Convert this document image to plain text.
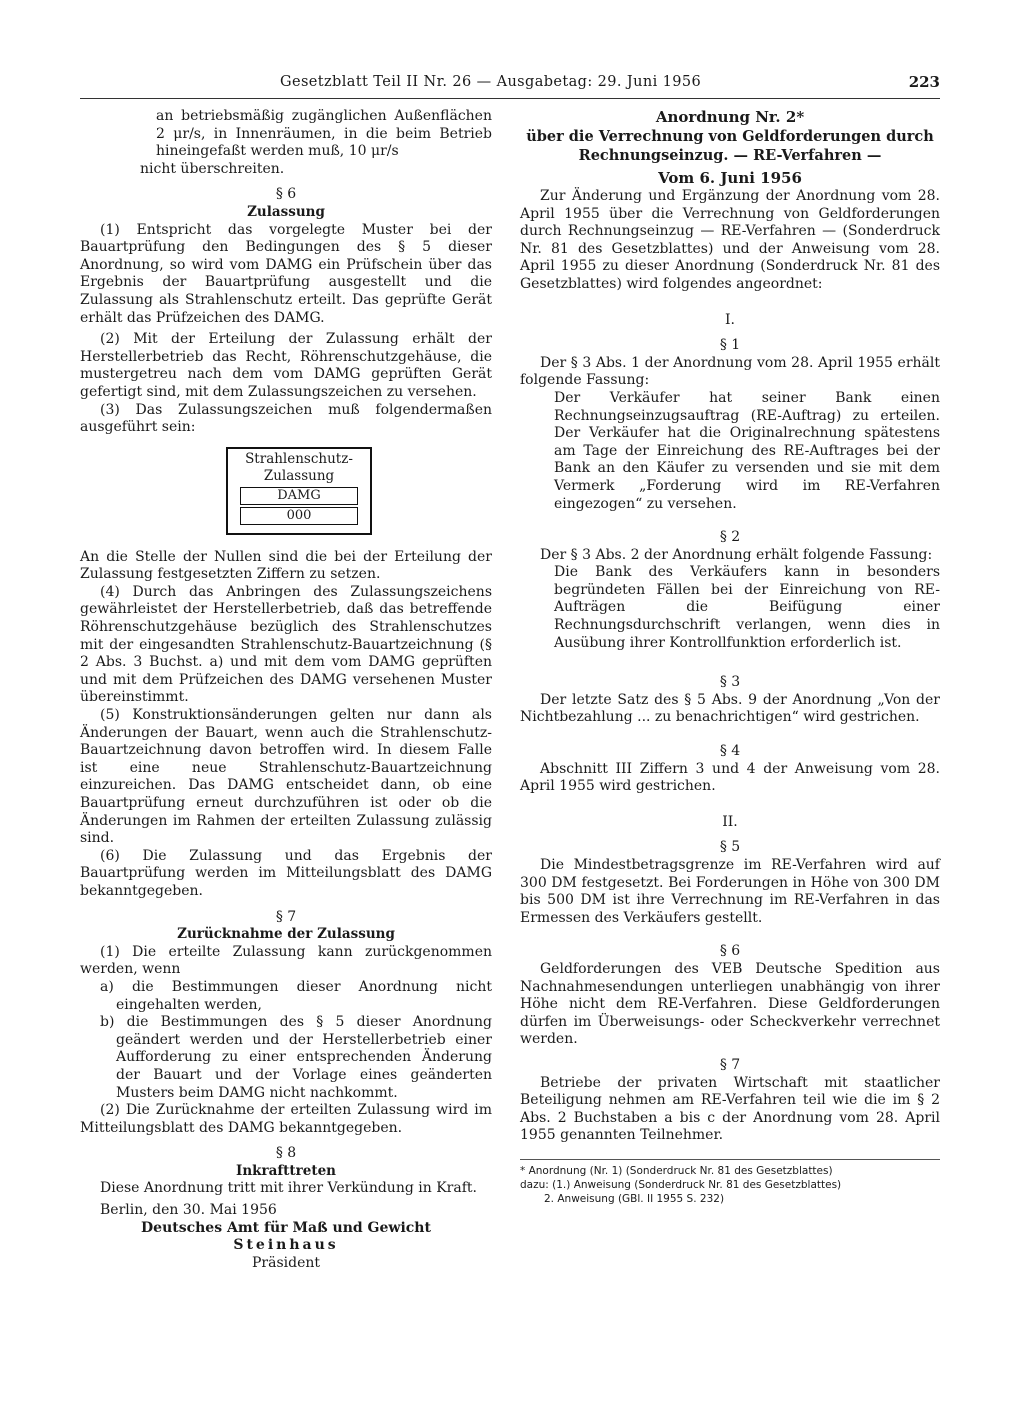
Gesetzblatt Teil II Nr. 26 — Ausgabetag: 29. Juni 1956	223

an betriebsmäßig zugänglichen Außenflächen 2 μr/s, in Innenräumen, in die beim Betrieb hineingefaßt werden muß, 10 μr/s

nicht überschreiten.

§ 6
Zulassung

(1) Entspricht das vorgelegte Muster bei der Bauartprüfung den Bedingungen des § 5 dieser Anordnung, so wird vom DAMG ein Prüfschein über das Ergebnis der Bauartprüfung ausgestellt und die Zulassung als Strahlenschutz erteilt. Das geprüfte Gerät erhält das Prüfzeichen des DAMG.

(2) Mit der Erteilung der Zulassung erhält der Herstellerbetrieb das Recht, Röhrenschutzgehäuse, die mustergetreu nach dem vom DAMG geprüften Gerät gefertigt sind, mit dem Zulassungszeichen zu versehen.

(3) Das Zulassungszeichen muß folgendermaßen ausgeführt sein:

Strahlenschutz-
Zulassung
DAMG
000

An die Stelle der Nullen sind die bei der Erteilung der Zulassung festgesetzten Ziffern zu setzen.

(4) Durch das Anbringen des Zulassungszeichens gewährleistet der Herstellerbetrieb, daß das betreffende Röhrenschutzgehäuse bezüglich des Strahlenschutzes mit der eingesandten Strahlenschutz-Bauartzeichnung (§ 2 Abs. 3 Buchst. a) und mit dem vom DAMG geprüften und mit dem Prüfzeichen des DAMG versehenen Muster übereinstimmt.

(5) Konstruktionsänderungen gelten nur dann als Änderungen der Bauart, wenn auch die Strahlenschutz-Bauartzeichnung davon betroffen wird. In diesem Falle ist eine neue Strahlenschutz-Bauartzeichnung einzureichen. Das DAMG entscheidet dann, ob eine Bauartprüfung erneut durchzuführen ist oder ob die Änderungen im Rahmen der erteilten Zulassung zulässig sind.

(6) Die Zulassung und das Ergebnis der Bauartprüfung werden im Mitteilungsblatt des DAMG bekanntgegeben.

§ 7
Zurücknahme der Zulassung

(1) Die erteilte Zulassung kann zurückgenommen werden, wenn

a) die Bestimmungen dieser Anordnung nicht eingehalten werden,

b) die Bestimmungen des § 5 dieser Anordnung geändert werden und der Herstellerbetrieb einer Aufforderung zu einer entsprechenden Änderung der Bauart und der Vorlage eines geänderten Musters beim DAMG nicht nachkommt.

(2) Die Zurücknahme der erteilten Zulassung wird im Mitteilungsblatt des DAMG bekanntgegeben.

§ 8
Inkrafttreten

Diese Anordnung tritt mit ihrer Verkündung in Kraft.

Berlin, den 30. Mai 1956

Deutsches Amt für Maß und Gewicht
Steinhaus
Präsident
Anordnung Nr. 2*
über die Verrechnung von Geldforderungen durch Rechnungseinzug. — RE-Verfahren —
Vom 6. Juni 1956

Zur Änderung und Ergänzung der Anordnung vom 28. April 1955 über die Verrechnung von Geldforderungen durch Rechnungseinzug — RE-Verfahren — (Sonderdruck Nr. 81 des Gesetzblattes) und der Anweisung vom 28. April 1955 zu dieser Anordnung (Sonderdruck Nr. 81 des Gesetzblattes) wird folgendes angeordnet:

I.
§ 1

Der § 3 Abs. 1 der Anordnung vom 28. April 1955 erhält folgende Fassung:

Der Verkäufer hat seiner Bank einen Rechnungseinzugsauftrag (RE-Auftrag) zu erteilen. Der Verkäufer hat die Originalrechnung spätestens am Tage der Einreichung des RE-Auftrages bei der Bank an den Käufer zu versenden und sie mit dem Vermerk „Forderung wird im RE-Verfahren eingezogen“ zu versehen.

§ 2

Der § 3 Abs. 2 der Anordnung erhält folgende Fassung:

Die Bank des Verkäufers kann in besonders begründeten Fällen bei der Einreichung von RE-Aufträgen die Beifügung einer Rechnungsdurchschrift verlangen, wenn dies in Ausübung ihrer Kontrollfunktion erforderlich ist.

§ 3

Der letzte Satz des § 5 Abs. 9 der Anordnung „Von der Nichtbezahlung ... zu benachrichtigen“ wird gestrichen.

§ 4

Abschnitt III Ziffern 3 und 4 der Anweisung vom 28. April 1955 wird gestrichen.

II.
§ 5

Die Mindestbetragsgrenze im RE-Verfahren wird auf 300 DM festgesetzt. Bei Forderungen in Höhe von 300 DM bis 500 DM ist ihre Verrechnung im RE-Verfahren in das Ermessen des Verkäufers gestellt.

§ 6

Geldforderungen des VEB Deutsche Spedition aus Nachnahmesendungen unterliegen unabhängig von ihrer Höhe nicht dem RE-Verfahren. Diese Geldforderungen dürfen im Überweisungs- oder Scheckverkehr verrechnet werden.

§ 7

Betriebe der privaten Wirtschaft mit staatlicher Beteiligung nehmen am RE-Verfahren teil wie die im § 2 Abs. 2 Buchstaben a bis c der Anordnung vom 28. April 1955 genannten Teilnehmer.

* Anordnung (Nr. 1) (Sonderdruck Nr. 81 des Gesetzblattes)

dazu: (1.) Anweisung (Sonderdruck Nr. 81 des Gesetzblattes)

2. Anweisung (GBl. II 1955 S. 232)
